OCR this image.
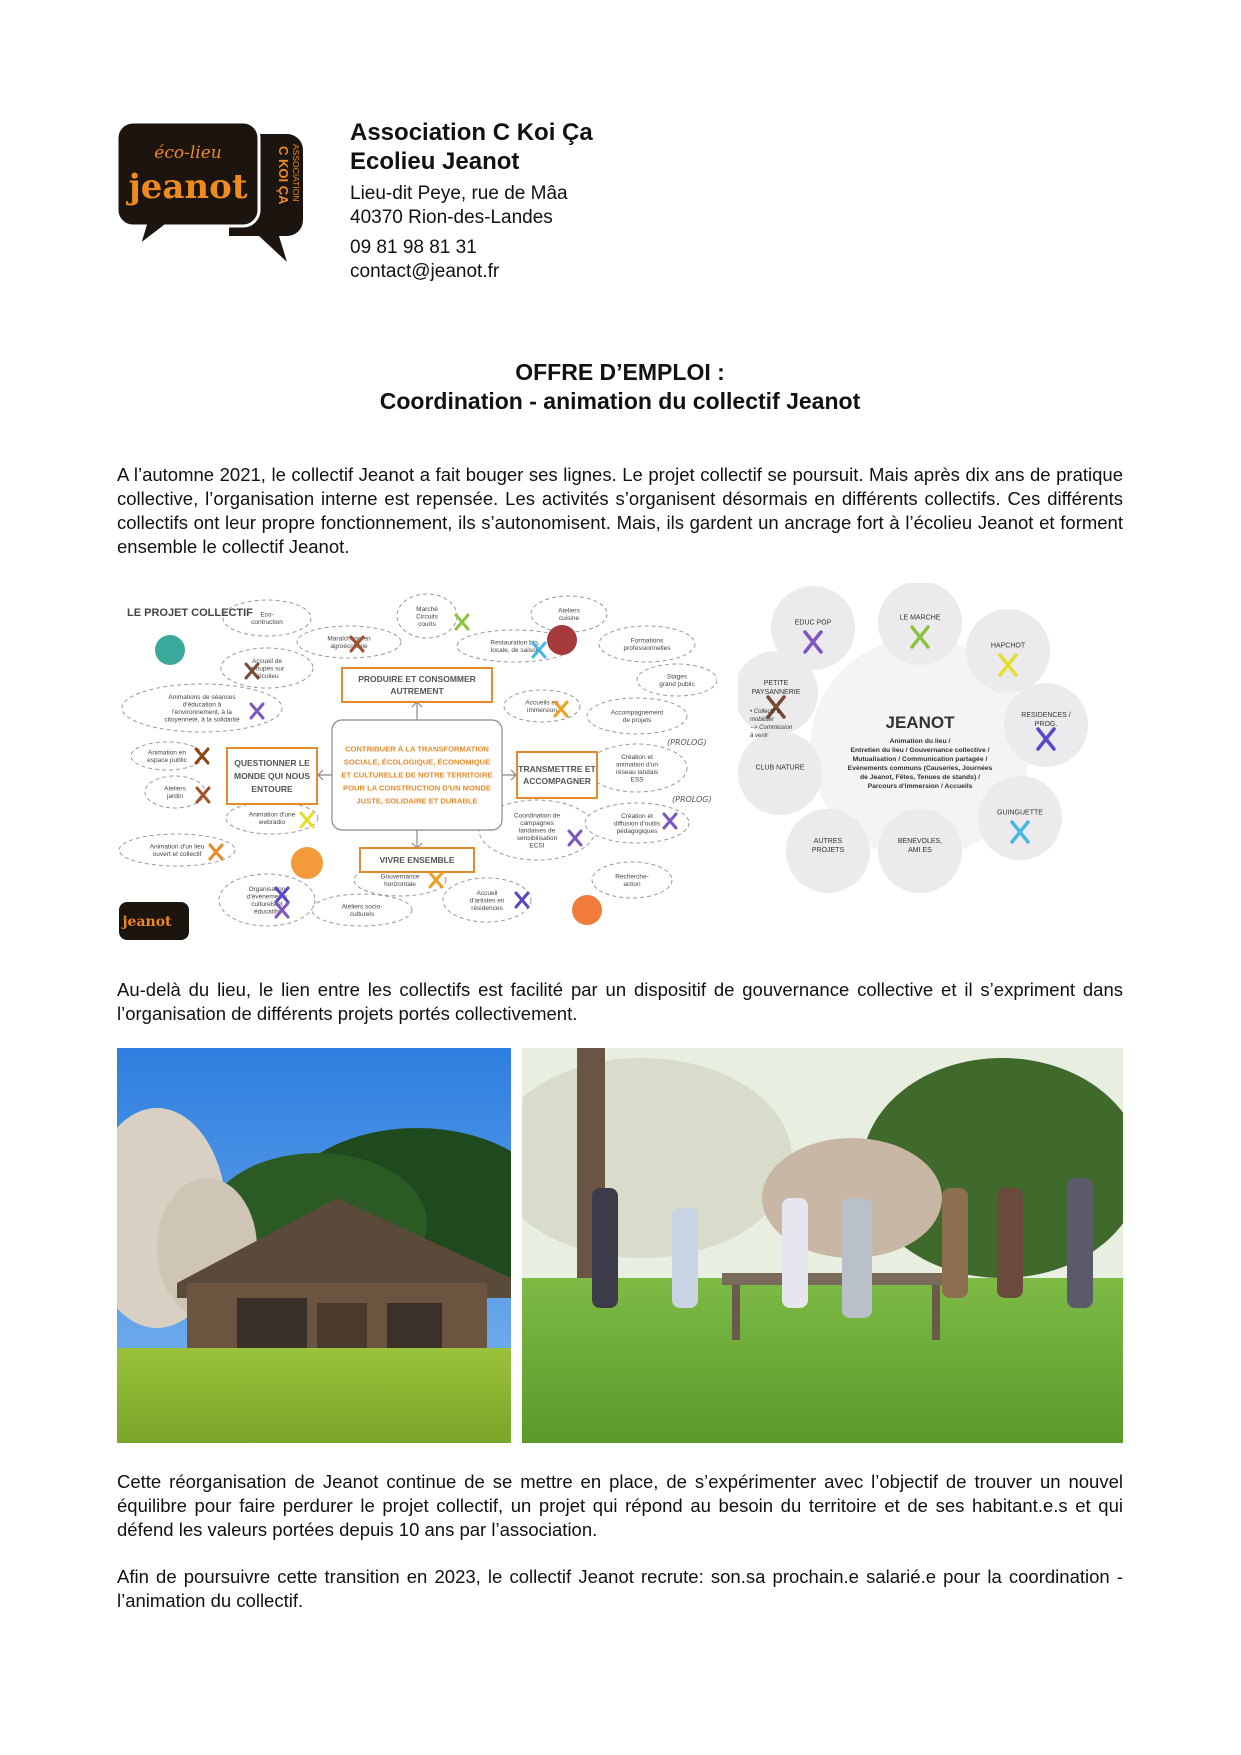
éco-lieu
jeanot C KOI ÇA ASSOCIATION
Association C Koi Ça
Ecolieu Jeanot
Lieu-dit Peye, rue de Mâa
40370 Rion-des-Landes
09 81 98 81 31
contact@jeanot.fr
OFFRE D’EMPLOI :
Coordination - animation du collectif Jeanot
A l’automne 2021, le collectif Jeanot a fait bouger ses lignes. Le projet collectif se poursuit. Mais après dix ans de pratique collective, l’organisation interne est repensée. Les activités s’organisent désormais en différents collectifs. Ces différents collectifs ont leur propre fonctionnement, ils s’autonomisent. Mais, ils gardent un ancrage fort à l’écolieu Jeanot et forment ensemble le collectif Jeanot.
Eco-
contruction
Marché
Circuits
courts
Ateliers
cuisine
Maraîchage en
agroécologie	Restauration bio,
locale, de saison
Formations
professionnelles
Accueil de
groupes sur
l'écolieu	Stages
grand public
Animations de séances
d'éducation à
l'environnement, à la
citoyenneté, à la solidarité
Accueils en
immersion	Accompagnement
de projets
Animation en
espace public	Création et
animation d'un
réseau landais
ESS
Ateliers
jardin
Animation d'une
webradio
Coordination de
campagnes
landaises de
sensibilisation
ECSI
Création et
diffusion d'outils
pédagogiques
Animation d'un lieu
ouvert et collectif
Gouvernance
horizontale
Recherche-
action
Organisation
d'évènements
culturels et
éducatifs
Ateliers socio-
culturels
Accueil
d'artistes en
résidences
LE PROJET COLLECTIF
CONTRIBUER À LA TRANSFORMATION
SOCIALE, ÉCOLOGIQUE, ÉCONOMIQUE
ET CULTURELLE DE NOTRE TERRITOIRE
POUR LA CONSTRUCTION D'UN MONDE
JUSTE, SOLIDAIRE ET DURABLE
PRODUIRE ET CONSOMMER
AUTREMENT
QUESTIONNER LE
MONDE QUI NOUS
ENTOURE
TRANSMETTRE ET
ACCOMPAGNER
VIVRE ENSEMBLE
(PROLOG)
(PROLOG)
jeanot
LE MARCHE
HAPCHOT
RESIDENCES /
PROG.
GUINGUETTE
BENEVOLES,
AMI.ES
AUTRES
PROJETS
CLUB NATURE
PETITE
PAYSANNERIE
EDUC POP
JEANOT
Animation du lieu /
Entretien du lieu / Gouvernance collective /
Mutualisation / Communication partagée /
Evènements communs (Causeries, Journées
de Jeanot, Fêtes, Tenues de stands) /
Parcours d'immersion / Accueils
• Collectif à
mobiliser
--> Commission
à venir
Au-delà du lieu, le lien entre les collectifs est facilité par un dispositif de gouvernance collective et il s’expriment dans l’organisation de différents projets portés collectivement.
Cette réorganisation de Jeanot continue de se mettre en place, de s’expérimenter avec l’objectif de trouver un nouvel équilibre pour faire perdurer le projet collectif, un projet qui répond au besoin du territoire et de ses habitant.e.s et qui défend les valeurs portées depuis 10 ans par l’association.
Afin de poursuivre cette transition en 2023, le collectif Jeanot recrute: son.sa prochain.e salarié.e pour la coordination - l’animation du collectif.
